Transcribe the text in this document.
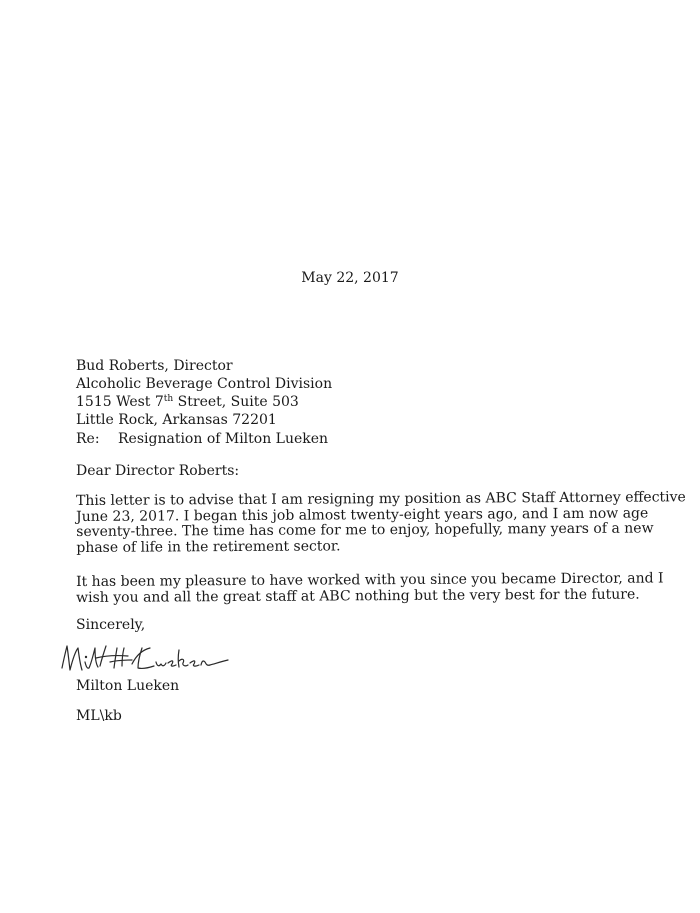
May 22, 2017
Bud Roberts, Director
Alcoholic Beverage Control Division
1515 West 7th Street, Suite 503
Little Rock, Arkansas 72201
Re: Resignation of Milton Lueken
Dear Director Roberts:
This letter is to advise that I am resigning my position as ABC Staff Attorney effective
June 23, 2017. I began this job almost twenty-eight years ago, and I am now age
seventy-three. The time has come for me to enjoy, hopefully, many years of a new
phase of life in the retirement sector.
It has been my pleasure to have worked with you since you became Director, and I
wish you and all the great staff at ABC nothing but the very best for the future.
Sincerely,
Milton Lueken
ML\kb
